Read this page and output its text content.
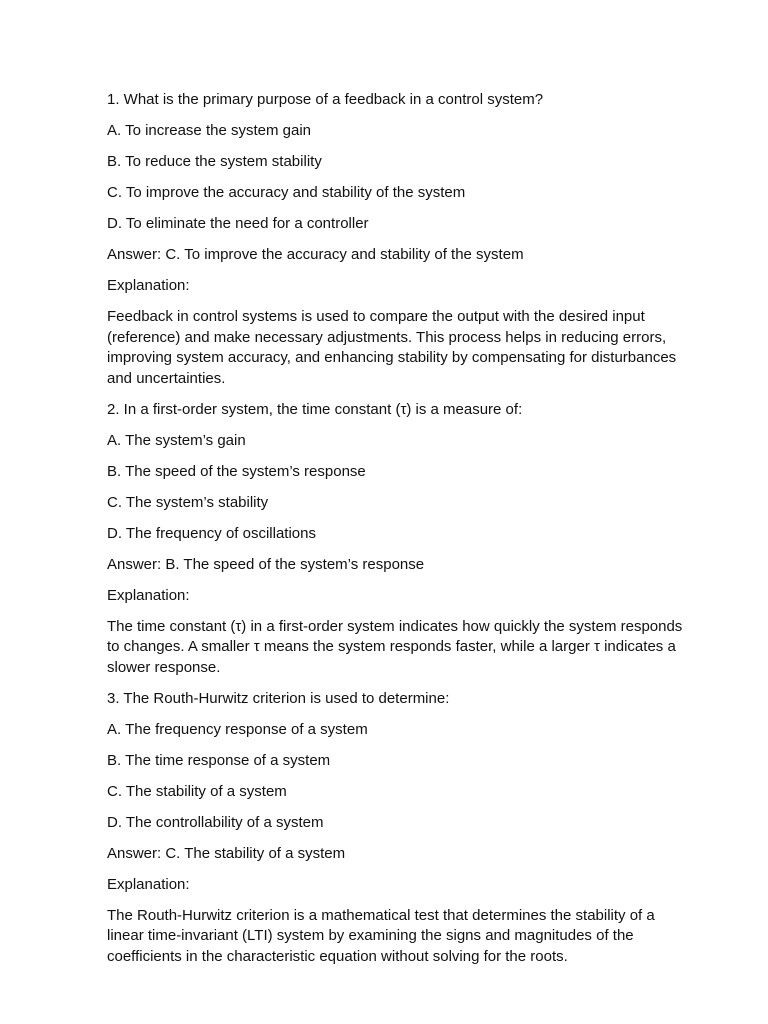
1. What is the primary purpose of a feedback in a control system?

A. To increase the system gain

B. To reduce the system stability

C. To improve the accuracy and stability of the system

D. To eliminate the need for a controller

Answer: C. To improve the accuracy and stability of the system

Explanation:

Feedback in control systems is used to compare the output with the desired input (reference) and make necessary adjustments. This process helps in reducing errors, improving system accuracy, and enhancing stability by compensating for disturbances and uncertainties.

2. In a first-order system, the time constant (τ) is a measure of:

A. The system’s gain

B. The speed of the system’s response

C. The system’s stability

D. The frequency of oscillations

Answer: B. The speed of the system’s response

Explanation:

The time constant (τ) in a first-order system indicates how quickly the system responds to changes. A smaller τ means the system responds faster, while a larger τ indicates a slower response.

3. The Routh-Hurwitz criterion is used to determine:

A. The frequency response of a system

B. The time response of a system

C. The stability of a system

D. The controllability of a system

Answer: C. The stability of a system

Explanation:

The Routh-Hurwitz criterion is a mathematical test that determines the stability of a linear time-invariant (LTI) system by examining the signs and magnitudes of the coefficients in the characteristic equation without solving for the roots.
